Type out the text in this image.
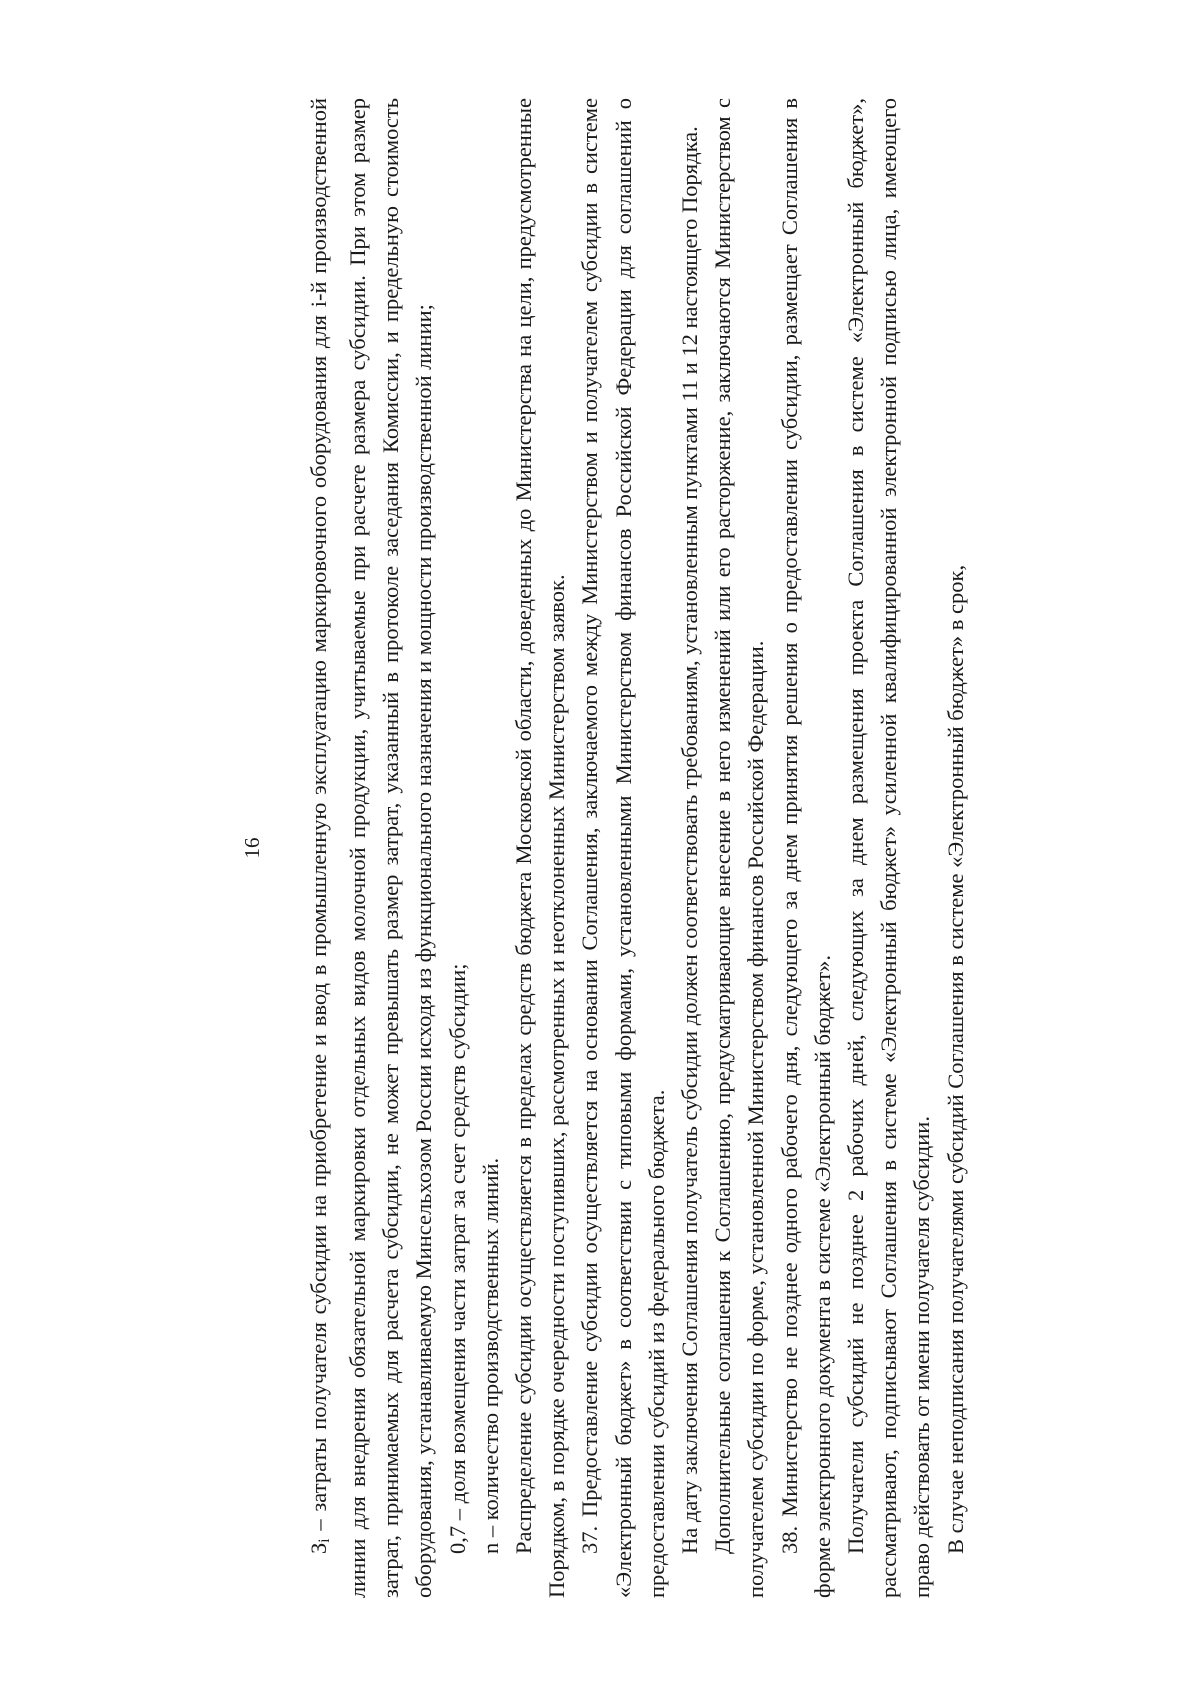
16

Зi – затраты получателя субсидии на приобретение и ввод в промышленную эксплуатацию маркировочного оборудования для i-й производственной линии для внедрения обязательной маркировки отдельных видов молочной продукции, учитываемые при расчете размера субсидии. При этом размер затрат, принимаемых для расчета субсидии, не может превышать размер затрат, указанный в протоколе заседания Комиссии, и предельную стоимость оборудования, устанавливаемую Минсельхозом России исходя из функционального назначения и мощности производственной линии; 0,7 – доля возмещения части затрат за счет средств субсидии; n – количество производственных линий. Распределение субсидии осуществляется в пределах средств бюджета Московской области, доведенных до Министерства на цели, предусмотренные Порядком, в порядке очередности поступивших, рассмотренных и неотклоненных Министерством заявок. 37. Предоставление субсидии осуществляется на основании Соглашения, заключаемого между Министерством и получателем субсидии в системе «Электронный бюджет» в соответствии с типовыми формами, установленными Министерством финансов Российской Федерации для соглашений о предоставлении субсидий из федерального бюджета. На дату заключения Соглашения получатель субсидии должен соответствовать требованиям, установленным пунктами 11 и 12 настоящего Порядка. Дополнительные соглашения к Соглашению, предусматривающие внесение в него изменений или его расторжение, заключаются Министерством с получателем субсидии по форме, установленной Министерством финансов Российской Федерации. 38. Министерство не позднее одного рабочего дня, следующего за днем принятия решения о предоставлении субсидии, размещает Соглашения в форме электронного документа в системе «Электронный бюджет». Получатели субсидий не позднее 2 рабочих дней, следующих за днем размещения проекта Соглашения в системе «Электронный бюджет», рассматривают, подписывают Соглашения в системе «Электронный бюджет» усиленной квалифицированной электронной подписью лица, имеющего право действовать от имени получателя субсидии. В случае неподписания получателями субсидий Соглашения в системе «Электронный бюджет» в срок,
